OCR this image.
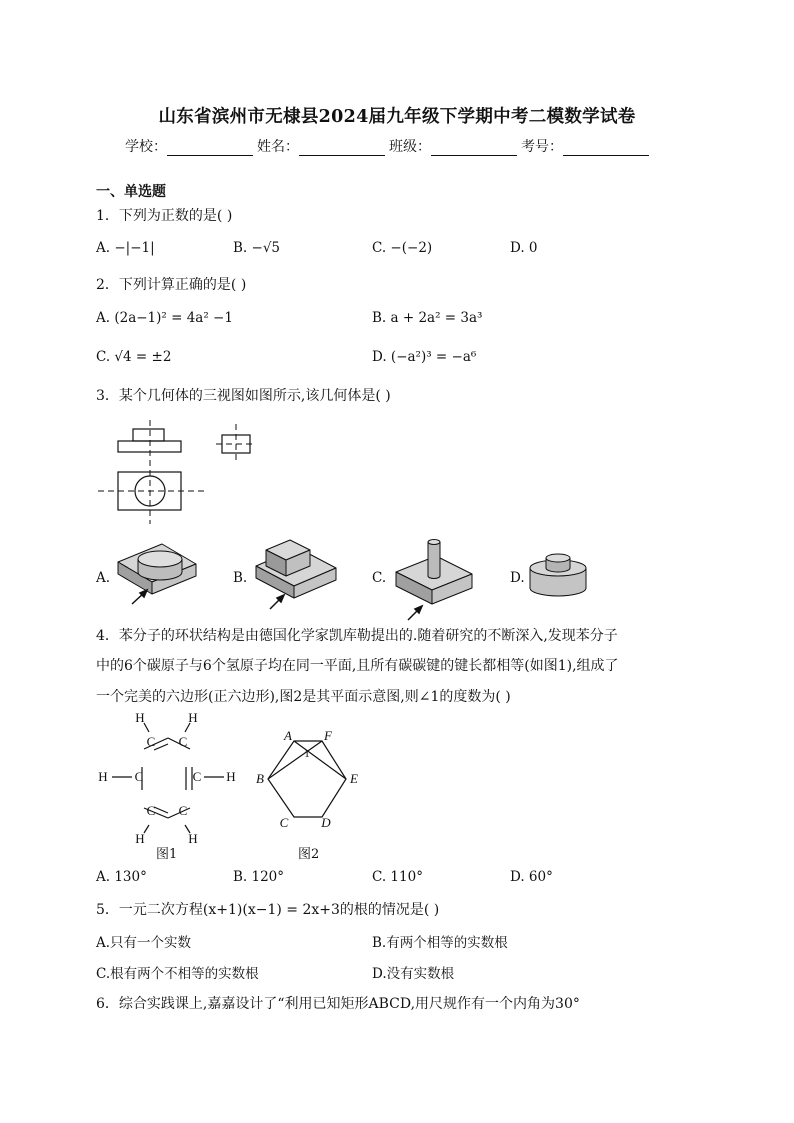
山东省滨州市无棣县2024届九年级下学期中考二模数学试卷
学校：	姓名：	班级：	考号：
一、单选题
1．下列为正数的是( )
A. −|−1|	B. −√5	C. −(−2)	D. 0
2．下列计算正确的是( )
A. (2a−1)² = 4a² −1	B. a + 2a² = 3a³
C. √4 = ±2	D. (−a²)³ = −a⁶
3．某个几何体的三视图如图所示,该几何体是( )
A.	B.	C.	D.
4．苯分子的环状结构是由德国化学家凯库勒提出的.随着研究的不断深入,发现苯分子
中的6个碳原子与6个氢原子均在同一平面,且所有碳碳键的键长都相等(如图1),组成了
一个完美的六边形(正六边形),图2是其平面示意图,则∠1的度数为( )
H	H
C C
H C	C H
C C
H	H
A F
B	E
C	D
1
图1	图2
A. 130°	B. 120°	C. 110°	D. 60°
5．一元二次方程(x+1)(x−1) = 2x+3的根的情况是( )
A.只有一个实数	B.有两个相等的实数根
C.根有两个不相等的实数根	D.没有实数根
6．综合实践课上,嘉嘉设计了“利用已知矩形ABCD,用尺规作有一个内角为30°
